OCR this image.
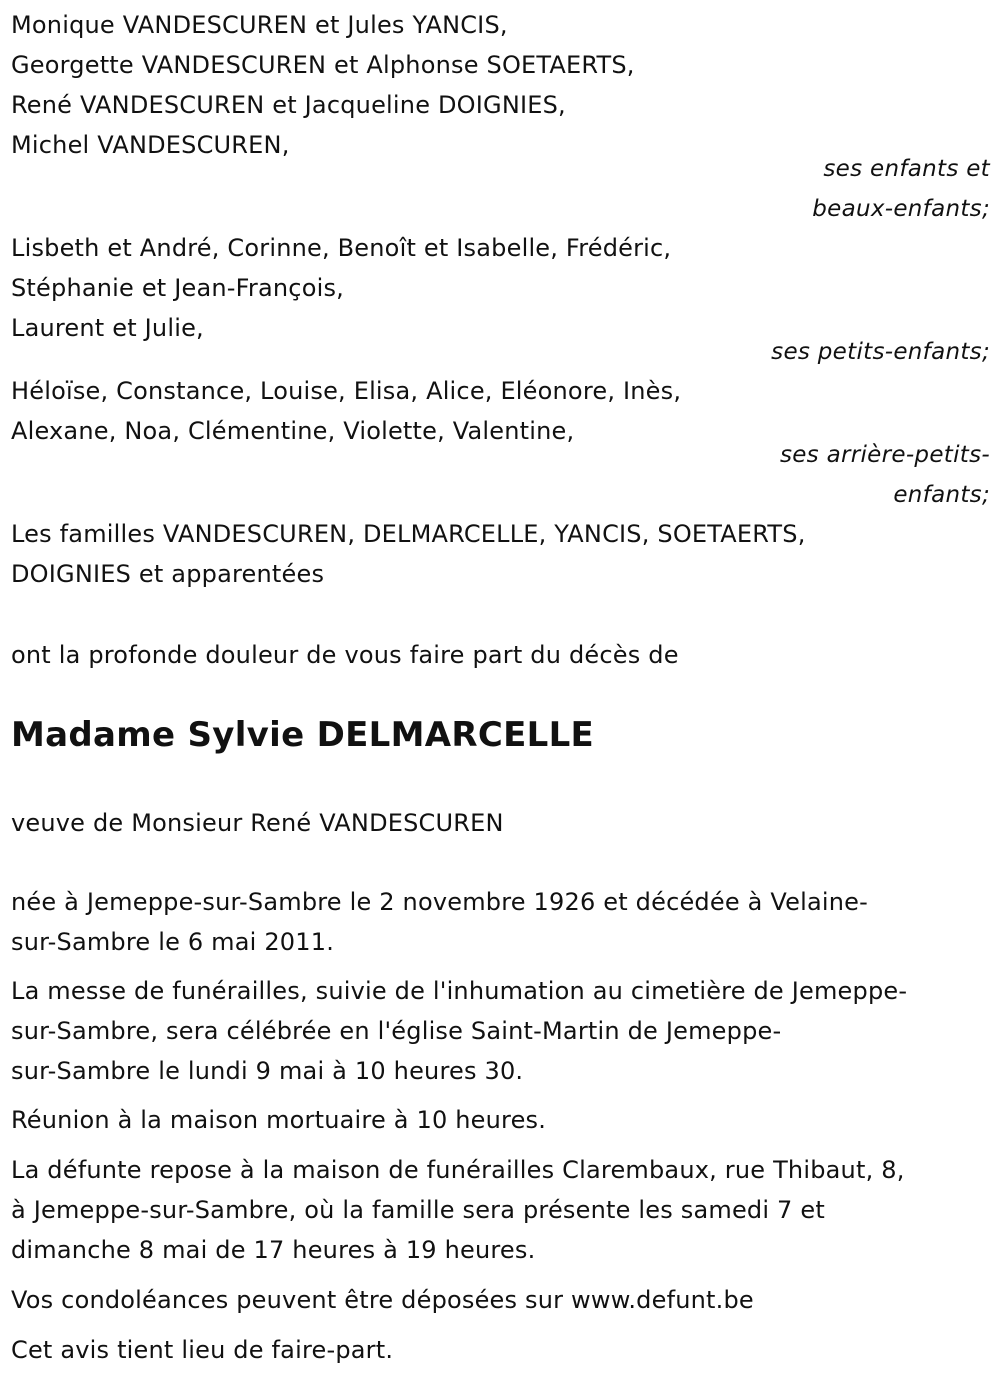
Monique VANDESCUREN et Jules YANCIS,
Georgette VANDESCUREN et Alphonse SOETAERTS,
René VANDESCUREN et Jacqueline DOIGNIES,
Michel VANDESCUREN,
ses enfants et
beaux-enfants;
Lisbeth et André, Corinne, Benoît et Isabelle, Frédéric,
Stéphanie et Jean-François,
Laurent et Julie,
ses petits-enfants;
Héloïse, Constance, Louise, Elisa, Alice, Eléonore, Inès,
Alexane, Noa, Clémentine, Violette, Valentine,
ses arrière-petits-
enfants;
Les familles VANDESCUREN, DELMARCELLE, YANCIS, SOETAERTS,
DOIGNIES et apparentées
ont la profonde douleur de vous faire part du décès de
Madame Sylvie DELMARCELLE
veuve de Monsieur René VANDESCUREN
née à Jemeppe-sur-Sambre le 2 novembre 1926 et décédée à Velaine-
sur-Sambre le 6 mai 2011.
La messe de funérailles, suivie de l'inhumation au cimetière de Jemeppe-
sur-Sambre, sera célébrée en l'église Saint-Martin de Jemeppe-
sur-Sambre le lundi 9 mai à 10 heures 30.
Réunion à la maison mortuaire à 10 heures.
La défunte repose à la maison de funérailles Clarembaux, rue Thibaut, 8,
à Jemeppe-sur-Sambre, où la famille sera présente les samedi 7 et
dimanche 8 mai de 17 heures à 19 heures.
Vos condoléances peuvent être déposées sur www.defunt.be
Cet avis tient lieu de faire-part.
